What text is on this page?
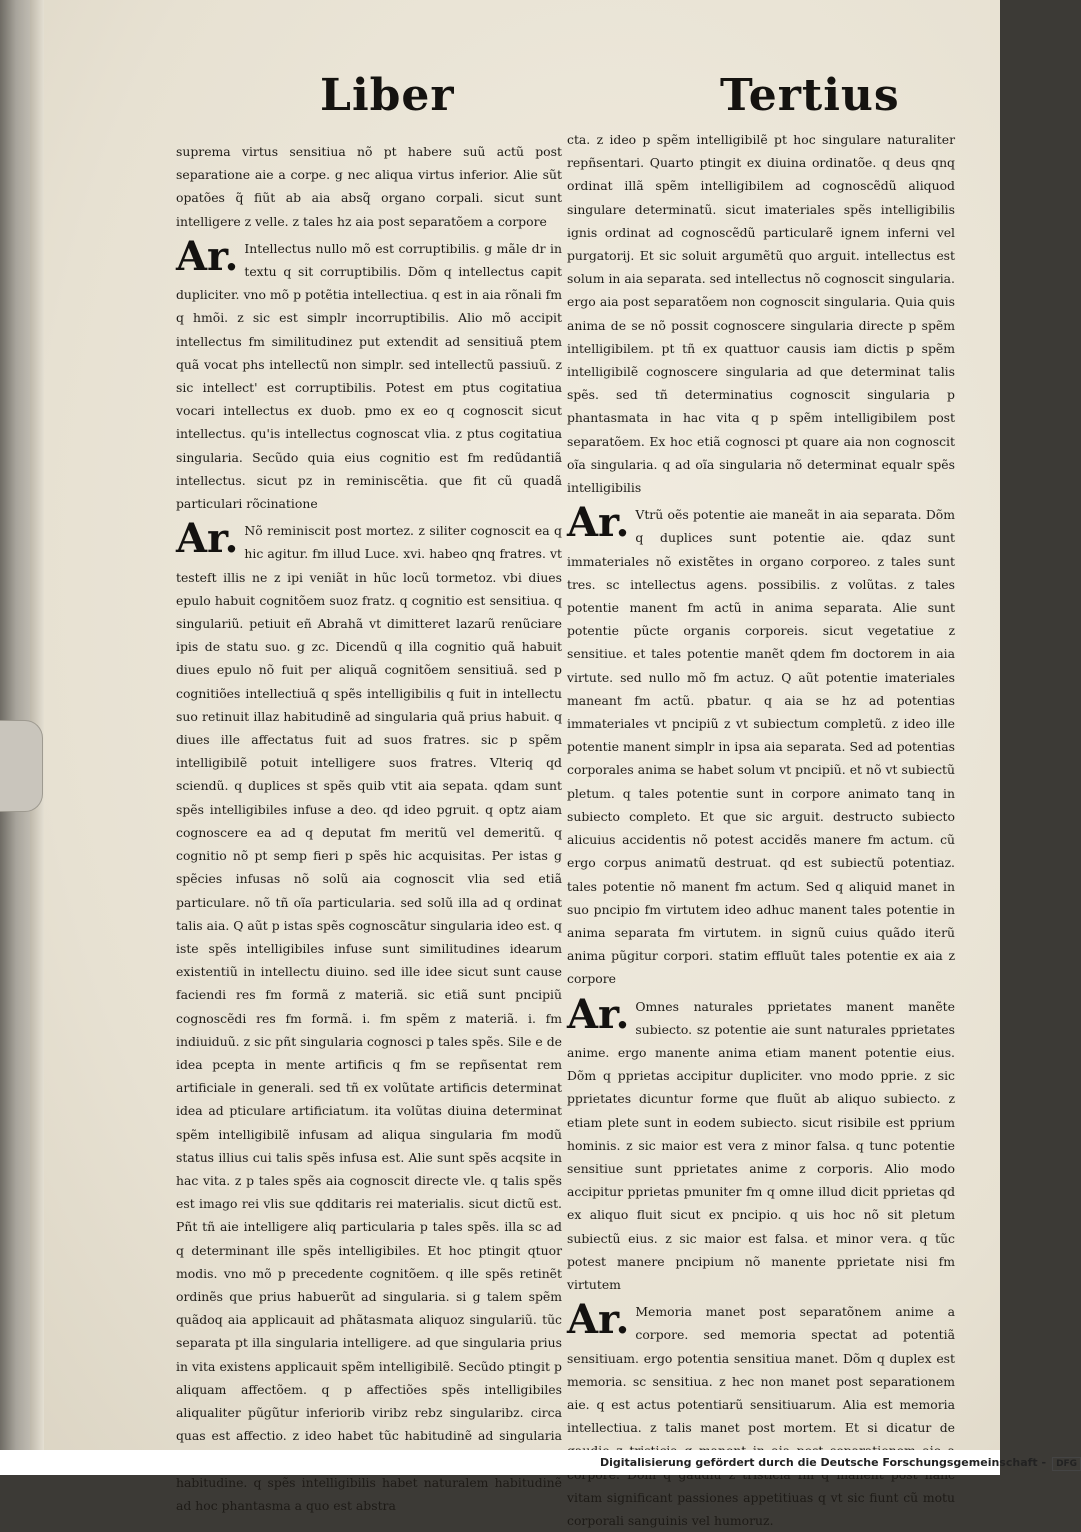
Liber	Tertius

suprema virtus sensitiua nõ pt habere suũ actũ post separatione aie a corpe. g nec aliqua virtus inferior. Alie sũt opatões q̃ fiũt ab aia absq̃ organo corpali. sicut sunt intelligere z velle. z tales hz aia post separatõem a corpore

Ar. Intellectus nullo mõ est corruptibilis. g mãle dr in textu q sit corruptibilis. Dõm q intellectus capit dupliciter. vno mõ p potẽtia intellectiua. q est in aia rõnali fm q hmõi. z sic est simplr incorruptibilis. Alio mõ accipit intellectus fm similitudinez put extendit ad sensitiuã ptem quã vocat phs intellectũ non simplr. sed intellectũ passiuũ. z sic intellect' est corruptibilis. Potest em ptus cogitatiua vocari intellectus ex duob. pmo ex eo q cognoscit sicut intellectus. qu'is intellectus cognoscat vlia. z ptus cogitatiua singularia. Secũdo quia eius cognitio est fm redũdantiã intellectus. sicut pz in reminiscẽtia. que fit cũ quadã particulari rõcinatione

Ar. Nõ reminiscit post mortez. z siliter cognoscit ea q hic agitur. fm illud Luce. xvi. habeo qnq fratres. vt testeft illis ne z ipi veniãt in hũc locũ tormetoz. vbi diues epulo habuit cognitõem suoz fratz. q cognitio est sensitiua. q singulariũ. petiuit eñ Abrahã vt dimitteret lazarũ renũciare ipis de statu suo. g zc. Dicendũ q illa cognitio quã habuit diues epulo nõ fuit per aliquã cognitõem sensitiuã. sed p cognitiões intellectiuã q spẽs intelligibilis q fuit in intellectu suo retinuit illaz habitudinẽ ad singularia quã prius habuit. q diues ille affectatus fuit ad suos fratres. sic p spẽm intelligibilẽ potuit intelligere suos fratres. Vlteriq qd sciendũ. q duplices st spẽs quib vtit aia sepata. qdam sunt spẽs intelligibiles infuse a deo. qd ideo pgruit. q optz aiam cognoscere ea ad q deputat fm meritũ vel demeritũ. q cognitio nõ pt semp fieri p spẽs hic acquisitas. Per istas g spẽcies infusas nõ solũ aia cognoscit vlia sed etiã particulare. nõ tñ oĩa particularia. sed solũ illa ad q ordinat talis aia. Q aũt p istas spẽs cognoscãtur singularia ideo est. q iste spẽs intelligibiles infuse sunt similitudines idearum existentiũ in intellectu diuino. sed ille idee sicut sunt cause faciendi res fm formã z materiã. sic etiã sunt pncipiũ cognoscẽdi res fm formã. i. fm spẽm z materiã. i. fm indiuiduũ. z sic pñt singularia cognosci p tales spẽs. Sile e de idea pcepta in mente artificis q fm se repñsentat rem artificiale in generali. sed tñ ex volũtate artificis determinat idea ad pticulare artificiatum. ita volũtas diuina determinat spẽm intelligibilẽ infusam ad aliqua singularia fm modũ status illius cui talis spẽs infusa est. Alie sunt spẽs acqsite in hac vita. z p tales spẽs aia cognoscit directe vle. q talis spẽs est imago rei vlis sue qdditaris rei materialis. sicut dictũ est. Pñt tñ aie intelligere aliq particularia p tales spẽs. illa sc ad q determinant ille spẽs intelligibiles. Et hoc ptingit qtuor modis. vno mõ p precedente cognitõem. q ille spẽs retinẽt ordinẽs que prius habuerũt ad singularia. si g talem spẽm quãdoq aia applicauit ad phãtasmata aliquoz singulariũ. tũc separata pt illa singularia intelligere. ad que singularia prius in vita existens applicauit spẽm intelligibilẽ. Secũdo ptingit p aliquam affectõem. q p affectiões spẽs intelligibiles aliqualiter pũgũtur inferiorib viribz rebz singularibz. circa quas est affectio. z ideo habet tũc habitudinẽ ad singularia habitudine. q spẽs intelligibilis habet naturalem habitudinẽ ad hoc phantasma a quo est abstra

cta. z ideo p spẽm intelligibilẽ pt hoc singulare naturaliter repñsentari. Quarto ptingit ex diuina ordinatõe. q deus qnq ordinat illã spẽm intelligibilem ad cognoscẽdũ aliquod singulare determinatũ. sicut imateriales spẽs intelligibilis ignis ordinat ad cognoscẽdũ particularẽ ignem inferni vel purgatorij. Et sic soluit argumẽtũ quo arguit. intellectus est solum in aia separata. sed intellectus nõ cognoscit singularia. ergo aia post separatõem non cognoscit singularia. Quia quis anima de se nõ possit cognoscere singularia directe p spẽm intelligibilem. pt tñ ex quattuor causis iam dictis p spẽm intelligibilẽ cognoscere singularia ad que determinat talis spẽs. sed tñ determinatius cognoscit singularia p phantasmata in hac vita q p spẽm intelligibilem post separatõem. Ex hoc etiã cognosci pt quare aia non cognoscit oĩa singularia. q ad oĩa singularia nõ determinat equalr spẽs intelligibilis

Ar. Vtrũ oẽs potentie aie maneãt in aia separata. Dõm q duplices sunt potentie aie. qdaz sunt immateriales nõ existẽtes in organo corporeo. z tales sunt tres. sc intellectus agens. possibilis. z volũtas. z tales potentie manent fm actũ in anima separata. Alie sunt potentie pũcte organis corporeis. sicut vegetatiue z sensitiue. et tales potentie manẽt qdem fm doctorem in aia virtute. sed nullo mõ fm actuz. Q aũt potentie imateriales maneant fm actũ. pbatur. q aia se hz ad potentias immateriales vt pncipiũ z vt subiectum completũ. z ideo ille potentie manent simplr in ipsa aia separata. Sed ad potentias corporales anima se habet solum vt pncipiũ. et nõ vt subiectũ pletum. q tales potentie sunt in corpore animato tanq in subiecto completo. Et que sic arguit. destructo subiecto alicuius accidentis nõ potest accidẽs manere fm actum. cũ ergo corpus animatũ destruat. qd est subiectũ potentiaz. tales potentie nõ manent fm actum. Sed q aliquid manet in suo pncipio fm virtutem ideo adhuc manent tales potentie in anima separata fm virtutem. in signũ cuius quãdo iterũ anima pũgitur corpori. statim effluũt tales potentie ex aia z corpore

Ar. Omnes naturales pprietates manent manẽte subiecto. sz potentie aie sunt naturales pprietates anime. ergo manente anima etiam manent potentie eius. Dõm q pprietas accipitur dupliciter. vno modo pprie. z sic pprietates dicuntur forme que fluũt ab aliquo subiecto. z etiam plete sunt in eodem subiecto. sicut risibile est pprium hominis. z sic maior est vera z minor falsa. q tunc potentie sensitiue sunt pprietates anime z corporis. Alio modo accipitur pprietas pmuniter fm q omne illud dicit pprietas qd ex aliquo fluit sicut ex pncipio. q uis hoc nõ sit pletum subiectũ eius. z sic maior est falsa. et minor vera. q tũc potest manere pncipium nõ manente pprietate nisi fm virtutem

Ar. Memoria manet post separatõnem anime a corpore. sed memoria spectat ad potentiã sensitiuam. ergo potentia sensitiua manet. Dõm q duplex est memoria. sc sensitiua. z hec non manet post separationem aie. q est actus potentiarũ sensitiuarum. Alia est memoria intellectiua. z talis manet post mortem. Et si dicatur de vitam significant passiones appetitiuas q vt sic fiunt cũ motu corporali sanguinis vel humoruz.

Digitalisierung gefördert durch die Deutsche Forschungsgemeinschaft - DFG
